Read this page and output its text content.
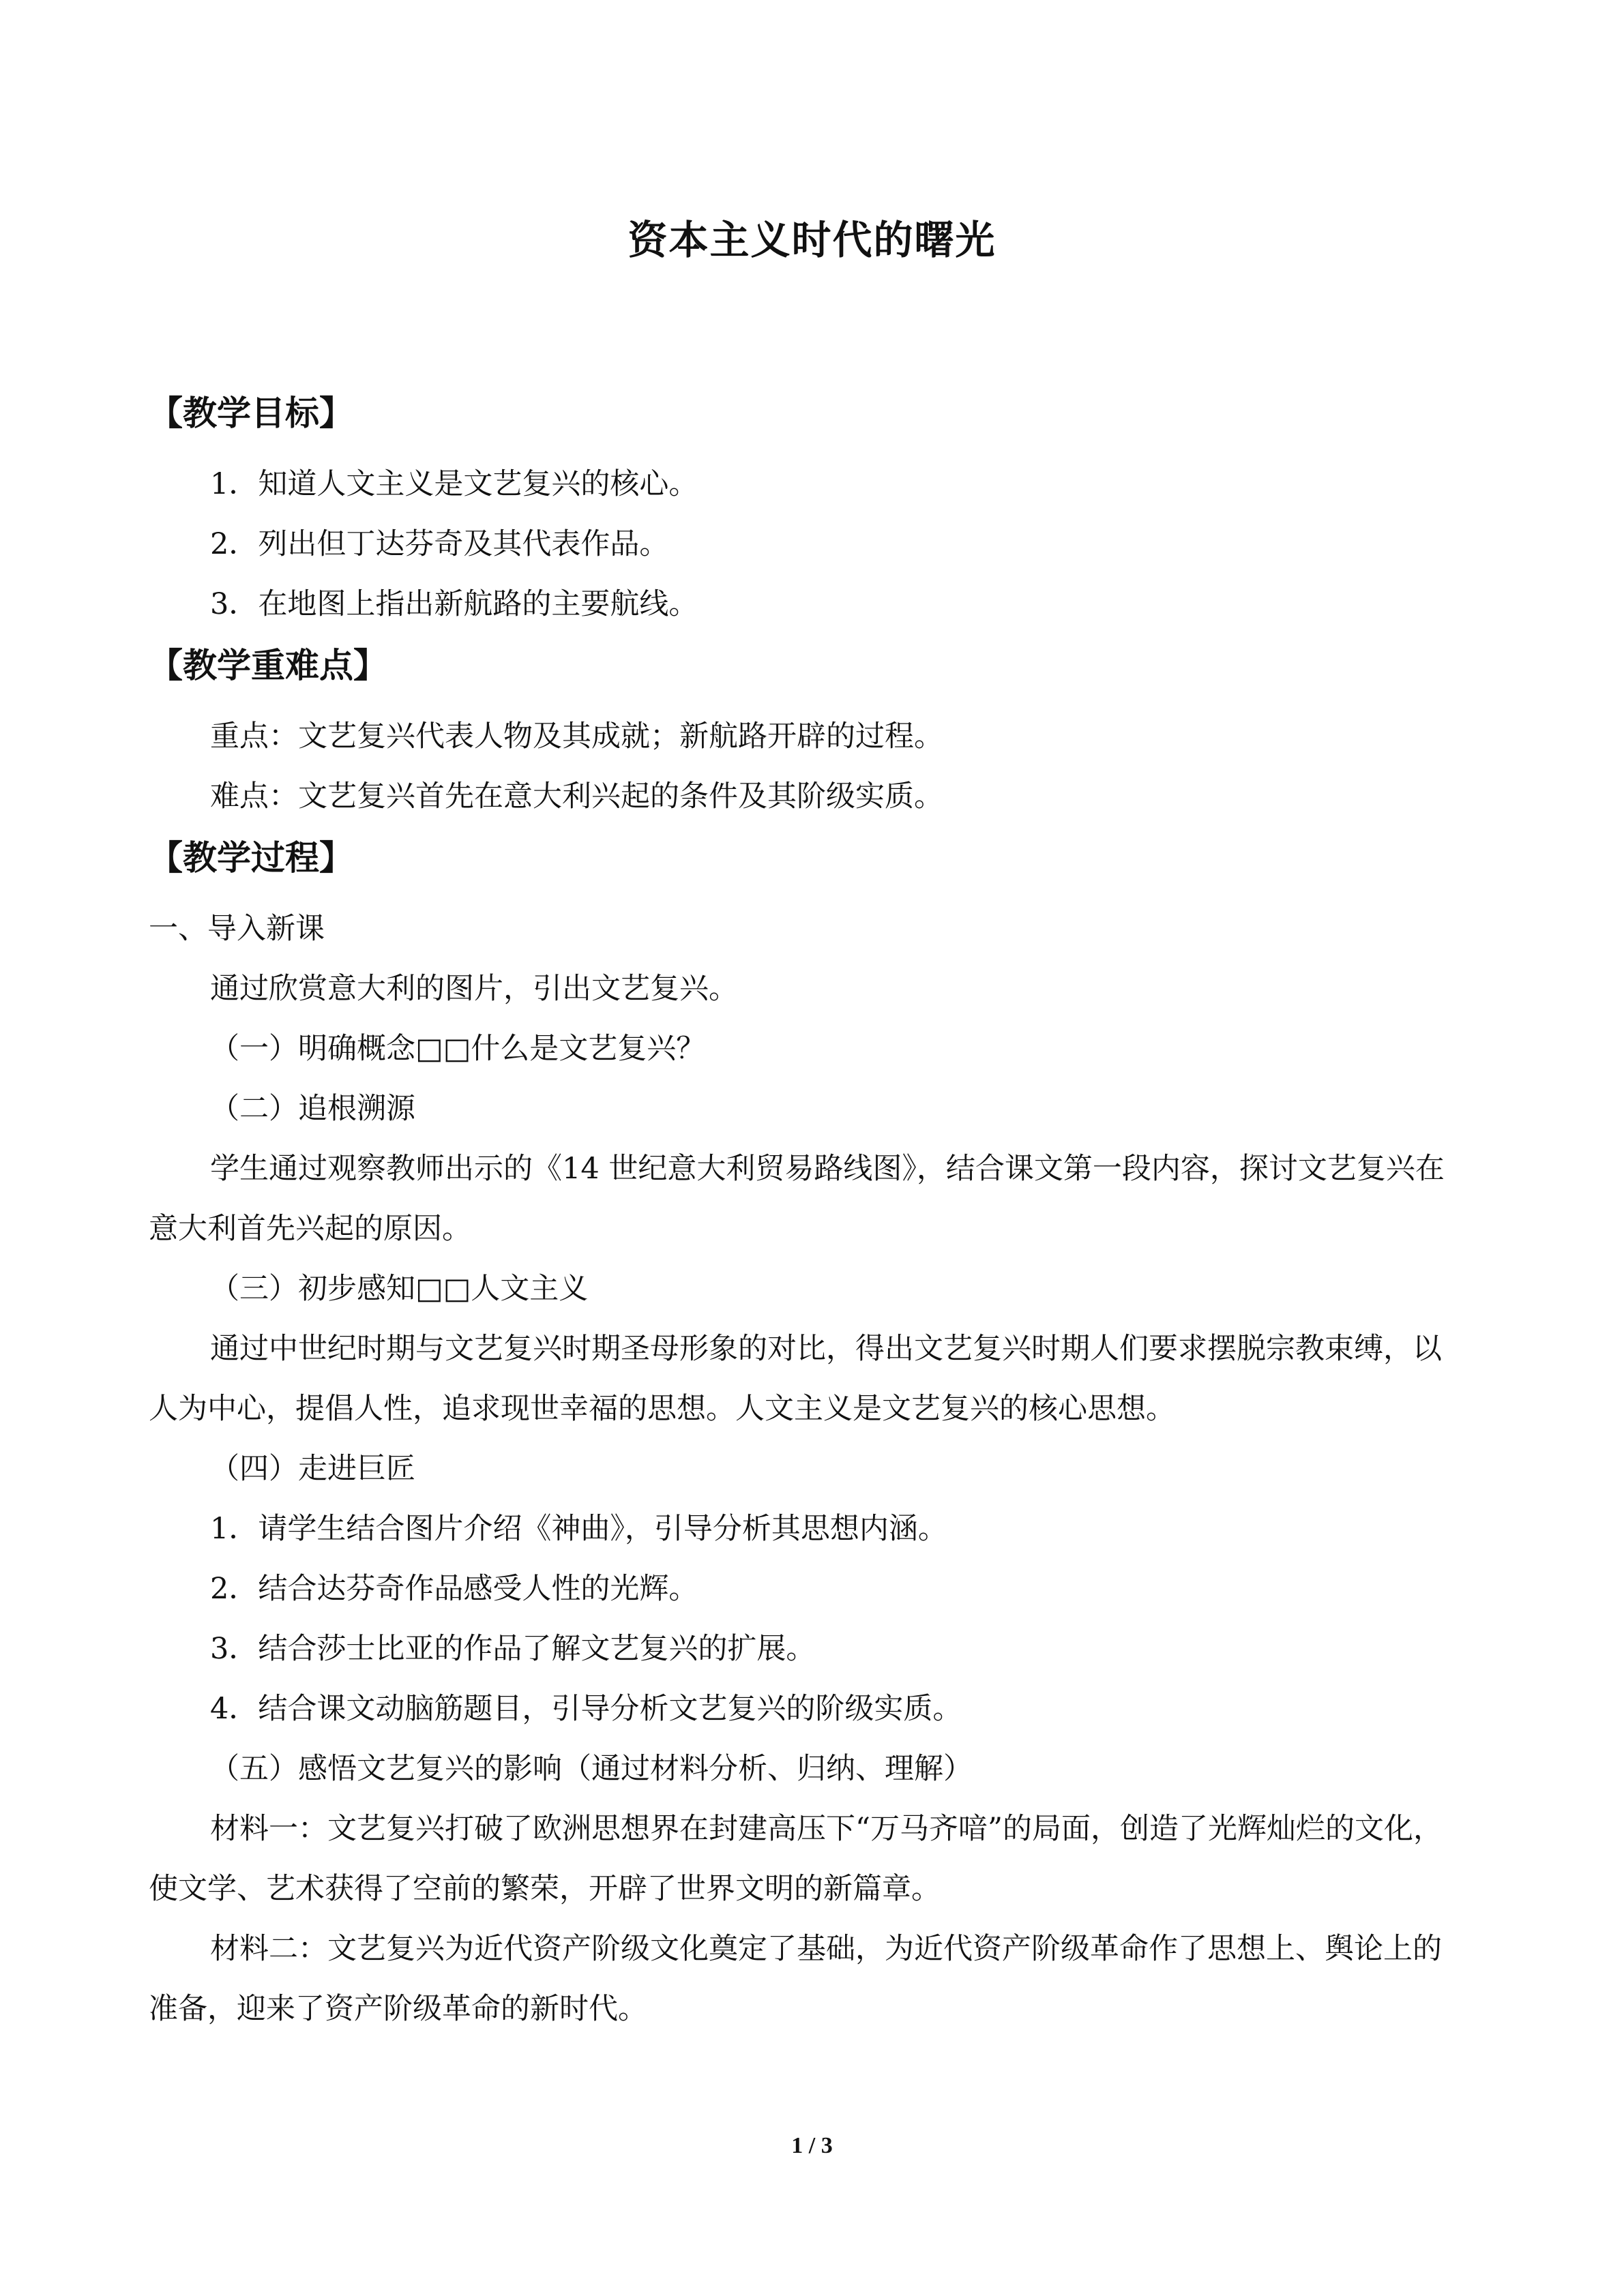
资本主义时代的曙光
【教学目标】
1．知道人文主义是文艺复兴的核心。
2．列出但丁达芬奇及其代表作品。
3．在地图上指出新航路的主要航线。
【教学重难点】
重点：文艺复兴代表人物及其成就；新航路开辟的过程。
难点：文艺复兴首先在意大利兴起的条件及其阶级实质。
【教学过程】
一、导入新课
通过欣赏意大利的图片，引出文艺复兴。
（一）明确概念□□什么是文艺复兴？
（二）追根溯源
学生通过观察教师出示的《14 世纪意大利贸易路线图》，结合课文第一段内容，探讨文艺复兴在意大利首先兴起的原因。
（三）初步感知□□人文主义
通过中世纪时期与文艺复兴时期圣母形象的对比，得出文艺复兴时期人们要求摆脱宗教束缚，以人为中心，提倡人性，追求现世幸福的思想。人文主义是文艺复兴的核心思想。
（四）走进巨匠
1．请学生结合图片介绍《神曲》，引导分析其思想内涵。
2．结合达芬奇作品感受人性的光辉。
3．结合莎士比亚的作品了解文艺复兴的扩展。
4．结合课文动脑筋题目，引导分析文艺复兴的阶级实质。
（五）感悟文艺复兴的影响（通过材料分析、归纳、理解）
材料一：文艺复兴打破了欧洲思想界在封建高压下“万马齐喑”的局面，创造了光辉灿烂的文化，使文学、艺术获得了空前的繁荣，开辟了世界文明的新篇章。
材料二：文艺复兴为近代资产阶级文化奠定了基础，为近代资产阶级革命作了思想上、舆论上的准备，迎来了资产阶级革命的新时代。
1 / 3
